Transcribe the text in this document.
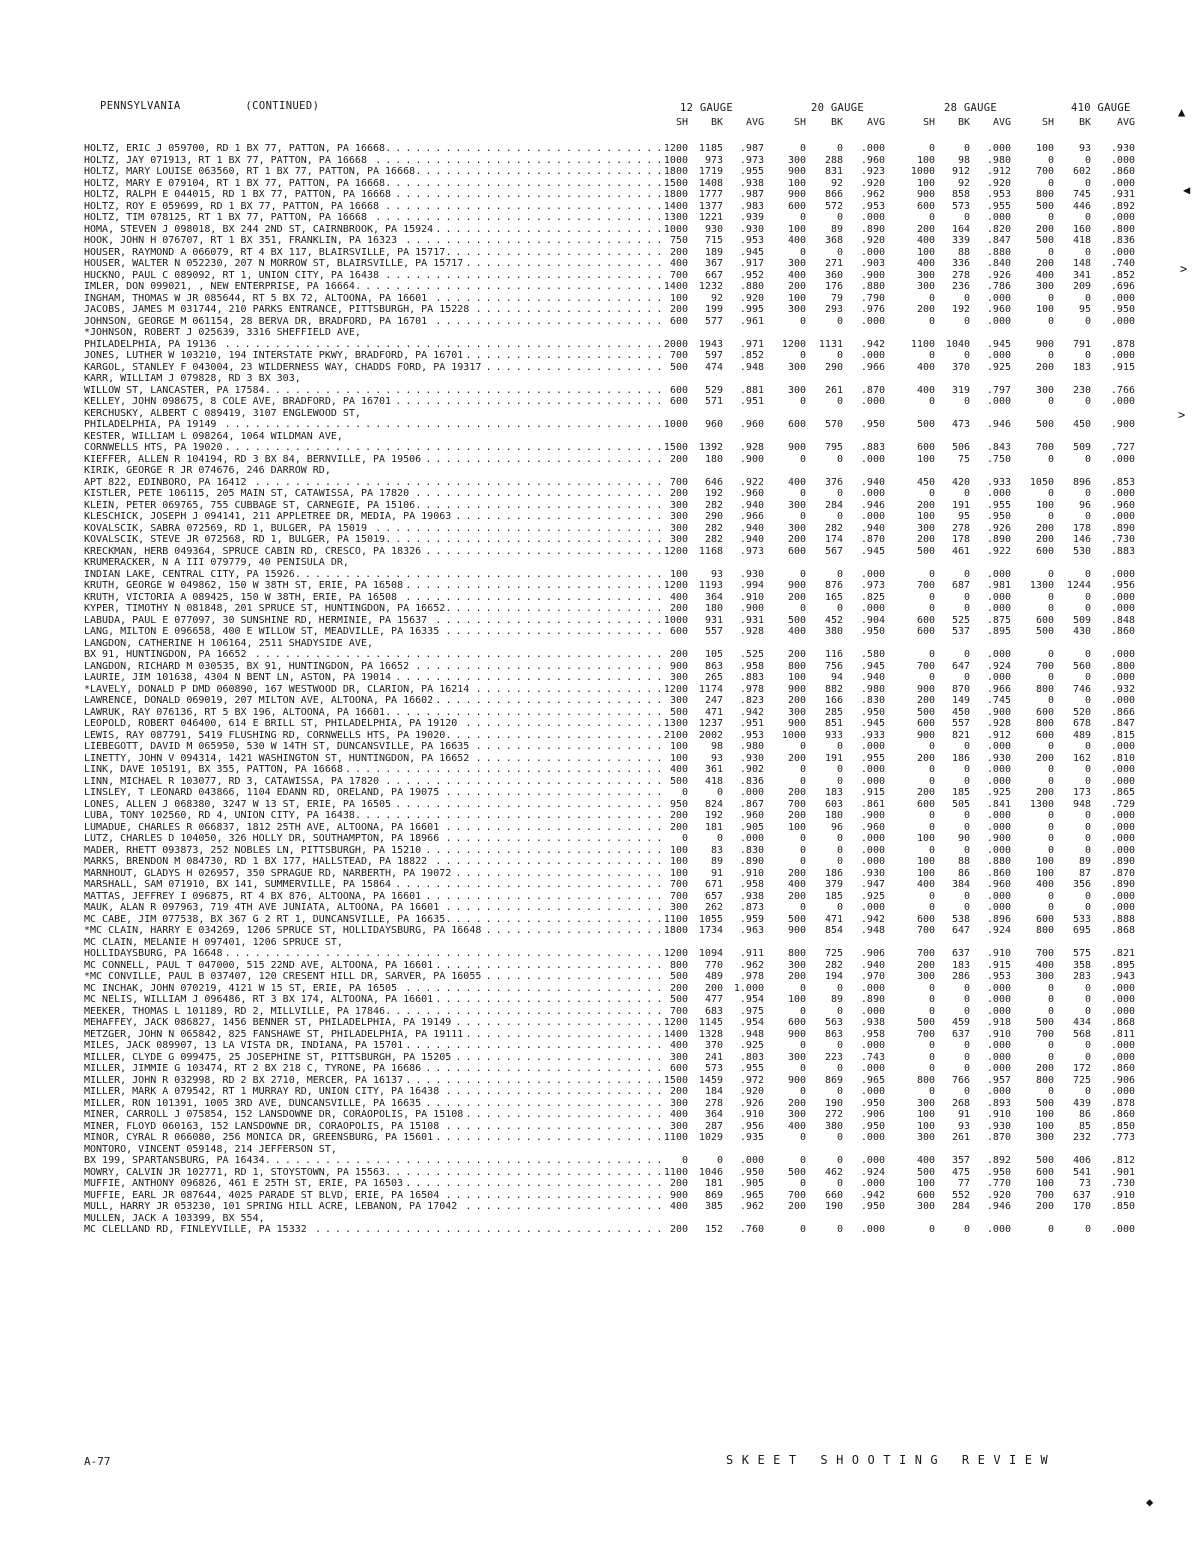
PENNSYLVANIA	(CONTINUED)	12 GAUGE	20 GAUGE	28 GAUGE	410 GAUGE
SH	BK	AVG	SH	BK	AVG	SH	BK	AVG	SH	BK	AVG
HOLTZ, ERIC J 059700, RD 1 BX 77, PATTON, PA 16668 . . .	1200	1185	.987	0	0	.000	0	0	.000	100	93	.930
HOLTZ, JAY 071913, RT 1 BX 77, PATTON, PA 16668 . . .	1000	973	.973	300	288	.960	100	98	.980	0	0	.000
HOLTZ, MARY LOUISE 063560, RT 1 BX 77, PATTON, PA 16668 . . .	1800	1719	.955	900	831	.923	1000	912	.912	700	602	.860
HOLTZ, MARY E 079104, RT 1 BX 77, PATTON, PA 16668 . . .	1500	1408	.938	100	92	.920	100	92	.920	0	0	.000
HOLTZ, RALPH E 044015, RD 1 BX 77, PATTON, PA 16668 . . .	1800	1777	.987	900	866	.962	900	858	.953	800	745	.931
HOLTZ, ROY E 059699, RD 1 BX 77, PATTON, PA 16668 . . .	1400	1377	.983	600	572	.953	600	573	.955	500	446	.892
HOLTZ, TIM 078125, RT 1 BX 77, PATTON, PA 16668 . . .	1300	1221	.939	0	0	.000	0	0	.000	0	0	.000
HOMA, STEVEN J 098018, BX 244 2ND ST, CAIRNBROOK, PA 15924 . . .	1000	930	.930	100	89	.890	200	164	.820	200	160	.800
HOOK, JOHN H 076707, RT 1 BX 351, FRANKLIN, PA 16323 . . .	750	715	.953	400	368	.920	400	339	.847	500	418	.836
HOUSER, RAYMOND A 066079, RT 4 BX 117, BLAIRSVILLE, PA 15717 . . .	200	189	.945	0	0	.000	100	88	.880	0	0	.000
HOUSER, WALTER N 052230, 207 N MORROW ST, BLAIRSVILLE, PA 15717 . . .	400	367	.917	300	271	.903	400	336	.840	200	148	.740
HUCKNO, PAUL C 089092, RT 1, UNION CITY, PA 16438 . . .	700	667	.952	400	360	.900	300	278	.926	400	341	.852
IMLER, DON 099021, , NEW ENTERPRISE, PA 16664 . . .	1400	1232	.880	200	176	.880	300	236	.786	300	209	.696
INGHAM, THOMAS W JR 085644, RT 5 BX 72, ALTOONA, PA 16601 . . .	100	92	.920	100	79	.790	0	0	.000	0	0	.000
JACOBS, JAMES M 031744, 210 PARKS ENTRANCE, PITTSBURGH, PA 15228 . . .	200	199	.995	300	293	.976	200	192	.960	100	95	.950
JOHNSON, GEORGE M 061154, 28 BERVA DR, BRADFORD, PA 16701 . . .	600	577	.961	0	0	.000	0	0	.000	0	0	.000
*JOHNSON, ROBERT J 025639, 3316 SHEFFIELD AVE,
PHILADELPHIA, PA 19136 . . .	2000	1943	.971	1200	1131	.942	1100	1040	.945	900	791	.878
JONES, LUTHER W 103210, 194 INTERSTATE PKWY, BRADFORD, PA 16701 . . .	700	597	.852	0	0	.000	0	0	.000	0	0	.000
KARGOL, STANLEY F 043004, 23 WILDERNESS WAY, CHADDS FORD, PA 19317 . . .	500	474	.948	300	290	.966	400	370	.925	200	183	.915
KARR, WILLIAM J 079828, RD 3 BX 303,
WILLOW ST, LANCASTER, PA 17584 . . .	600	529	.881	300	261	.870	400	319	.797	300	230	.766
KELLEY, JOHN 098675, 8 COLE AVE, BRADFORD, PA 16701 . . .	600	571	.951	0	0	.000	0	0	.000	0	0	.000
KERCHUSKY, ALBERT C 089419, 3107 ENGLEWOOD ST,
PHILADELPHIA, PA 19149 . . .	1000	960	.960	600	570	.950	500	473	.946	500	450	.900
KESTER, WILLIAM L 098264, 1064 WILDMAN AVE,
CORNWELLS HTS, PA 19020 . . .	1500	1392	.928	900	795	.883	600	506	.843	700	509	.727
KIEFFER, ALLEN R 104194, RD 3 BX 84, BERNVILLE, PA 19506 . . .	200	180	.900	0	0	.000	100	75	.750	0	0	.000
KIRIK, GEORGE R JR 074676, 246 DARROW RD,
APT 822, EDINBORO, PA 16412 . . .	700	646	.922	400	376	.940	450	420	.933	1050	896	.853
KISTLER, PETE 106115, 205 MAIN ST, CATAWISSA, PA 17820 . . .	200	192	.960	0	0	.000	0	0	.000	0	0	.000
KLEIN, PETER 069765, 755 CUBBAGE ST, CARNEGIE, PA 15106 . . .	300	282	.940	300	284	.946	200	191	.955	100	96	.960
KLESCHICK, JOSEPH J 094141, 211 APPLETREE DR, MEDIA, PA 19063 . . .	300	290	.966	0	0	.000	100	95	.950	0	0	.000
KOVALSCIK, SABRA 072569, RD 1, BULGER, PA 15019 . . .	300	282	.940	300	282	.940	300	278	.926	200	178	.890
KOVALSCIK, STEVE JR 072568, RD 1, BULGER, PA 15019 . . .	300	282	.940	200	174	.870	200	178	.890	200	146	.730
KRECKMAN, HERB 049364, SPRUCE CABIN RD, CRESCO, PA 18326 . . .	1200	1168	.973	600	567	.945	500	461	.922	600	530	.883
KRUMERACKER, N A III 079779, 40 PENISULA DR,
INDIAN LAKE, CENTRAL CITY, PA 15926 . . .	100	93	.930	0	0	.000	0	0	.000	0	0	.000
KRUTH, GEORGE W 049862, 150 W 38TH ST, ERIE, PA 16508 . . .	1200	1193	.994	900	876	.973	700	687	.981	1300	1244	.956
KRUTH, VICTORIA A 089425, 150 W 38TH, ERIE, PA 16508 . . .	400	364	.910	200	165	.825	0	0	.000	0	0	.000
KYPER, TIMOTHY N 081848, 201 SPRUCE ST, HUNTINGDON, PA 16652 . . .	200	180	.900	0	0	.000	0	0	.000	0	0	.000
LABUDA, PAUL E 077097, 30 SUNSHINE RD, HERMINIE, PA 15637 . . .	1000	931	.931	500	452	.904	600	525	.875	600	509	.848
LANG, MILTON E 096658, 400 E WILLOW ST, MEADVILLE, PA 16335 . . .	600	557	.928	400	380	.950	600	537	.895	500	430	.860
LANGDON, CATHERINE H 106164, 2511 SHADYSIDE AVE,
BX 91, HUNTINGDON, PA 16652 . . .	200	105	.525	200	116	.580	0	0	.000	0	0	.000
LANGDON, RICHARD M 030535, BX 91, HUNTINGDON, PA 16652 . . .	900	863	.958	800	756	.945	700	647	.924	700	560	.800
LAURIE, JIM 101638, 4304 N BENT LN, ASTON, PA 19014 . . .	300	265	.883	100	94	.940	0	0	.000	0	0	.000
*LAVELY, DONALD P DMD 060890, 167 WESTWOOD DR, CLARION, PA 16214 . . .	1200	1174	.978	900	882	.980	900	870	.966	800	746	.932
LAWRENCE, DONALD 069019, 207 MILTON AVE, ALTOONA, PA 16602 . . .	300	247	.823	200	166	.830	200	149	.745	0	0	.000
LAWRUK, RAY 076136, RT 5 BX 196, ALTOONA, PA 16601 . . .	500	471	.942	300	285	.950	500	450	.900	600	520	.866
LEOPOLD, ROBERT 046400, 614 E BRILL ST, PHILADELPHIA, PA 19120 . . .	1300	1237	.951	900	851	.945	600	557	.928	800	678	.847
LEWIS, RAY 087791, 5419 FLUSHING RD, CORNWELLS HTS, PA 19020 . . .	2100	2002	.953	1000	933	.933	900	821	.912	600	489	.815
LIEBEGOTT, DAVID M 065950, 530 W 14TH ST, DUNCANSVILLE, PA 16635 . . .	100	98	.980	0	0	.000	0	0	.000	0	0	.000
LINETTY, JOHN V 094314, 1421 WASHINGTON ST, HUNTINGDON, PA 16652 . . .	100	93	.930	200	191	.955	200	186	.930	200	162	.810
LINK, DAVE 105191, BX 355, PATTON, PA 16668 . . .	400	361	.902	0	0	.000	0	0	.000	0	0	.000
LINN, MICHAEL R 103077, RD 3, CATAWISSA, PA 17820 . . .	500	418	.836	0	0	.000	0	0	.000	0	0	.000
LINSLEY, T LEONARD 043866, 1104 EDANN RD, ORELAND, PA 19075 . . .	0	0	.000	200	183	.915	200	185	.925	200	173	.865
LONES, ALLEN J 068380, 3247 W 13 ST, ERIE, PA 16505 . . .	950	824	.867	700	603	.861	600	505	.841	1300	948	.729
LUBA, TONY 102560, RD 4, UNION CITY, PA 16438 . . .	200	192	.960	200	180	.900	0	0	.000	0	0	.000
LUMADUE, CHARLES R 066837, 1812 25TH AVE, ALTOONA, PA 16601 . . .	200	181	.905	100	96	.960	0	0	.000	0	0	.000
LUTZ, CHARLES D 104050, 326 HOLLY DR, SOUTHAMPTON, PA 18966 . . .	0	0	.000	0	0	.000	100	90	.900	0	0	.000
MADER, RHETT 093873, 252 NOBLES LN, PITTSBURGH, PA 15210 . . .	100	83	.830	0	0	.000	0	0	.000	0	0	.000
MARKS, BRENDON M 084730, RD 1 BX 177, HALLSTEAD, PA 18822 . . .	100	89	.890	0	0	.000	100	88	.880	100	89	.890
MARNHOUT, GLADYS H 026957, 350 SPRAGUE RD, NARBERTH, PA 19072 . . .	100	91	.910	200	186	.930	100	86	.860	100	87	.870
MARSHALL, SAM 071910, BX 141, SUMMERVILLE, PA 15864 . . .	700	671	.958	400	379	.947	400	384	.960	400	356	.890
MATTAS, JEFFREY I 096875, RT 4 BX 876, ALTOONA, PA 16601 . . .	700	657	.938	200	185	.925	0	0	.000	0	0	.000
MAUK, ALAN R 097963, 719 4TH AVE JUNIATA, ALTOONA, PA 16601 . . .	300	262	.873	0	0	.000	0	0	.000	0	0	.000
MC CABE, JIM 077538, BX 367 G 2 RT 1, DUNCANSVILLE, PA 16635 . . .	1100	1055	.959	500	471	.942	600	538	.896	600	533	.888
*MC CLAIN, HARRY E 034269, 1206 SPRUCE ST, HOLLIDAYSBURG, PA 16648 . . .	1800	1734	.963	900	854	.948	700	647	.924	800	695	.868
MC CLAIN, MELANIE H 097401, 1206 SPRUCE ST,
HOLLIDAYSBURG, PA 16648 . . .	1200	1094	.911	800	725	.906	700	637	.910	700	575	.821
MC CONNELL, PAUL T 047000, 515 22ND AVE, ALTOONA, PA 16601 . . .	800	770	.962	300	282	.940	200	183	.915	400	358	.895
*MC CONVILLE, PAUL B 037407, 120 CRESENT HILL DR, SARVER, PA 16055 . . .	500	489	.978	200	194	.970	300	286	.953	300	283	.943
MC INCHAK, JOHN 070219, 4121 W 15 ST, ERIE, PA 16505 . . .	200	200	1.000	0	0	.000	0	0	.000	0	0	.000
MC NELIS, WILLIAM J 096486, RT 3 BX 174, ALTOONA, PA 16601 . . .	500	477	.954	100	89	.890	0	0	.000	0	0	.000
MEEKER, THOMAS L 101189, RD 2, MILLVILLE, PA 17846 . . .	700	683	.975	0	0	.000	0	0	.000	0	0	.000
MEHAFFEY, JACK 086827, 1456 BENNER ST, PHILADELPHIA, PA 19149 . . .	1200	1145	.954	600	563	.938	500	459	.918	500	434	.868
METZGER, JOHN N 065842, 825 FANSHAWE ST, PHILADELPHIA, PA 19111 . . .	1400	1328	.948	900	863	.958	700	637	.910	700	568	.811
MILES, JACK 089907, 13 LA VISTA DR, INDIANA, PA 15701 . . .	400	370	.925	0	0	.000	0	0	.000	0	0	.000
MILLER, CLYDE G 099475, 25 JOSEPHINE ST, PITTSBURGH, PA 15205 . . .	300	241	.803	300	223	.743	0	0	.000	0	0	.000
MILLER, JIMMIE G 103474, RT 2 BX 218 C, TYRONE, PA 16686 . . .	600	573	.955	0	0	.000	0	0	.000	200	172	.860
MILLER, JOHN R 032998, RD 2 BX 2710, MERCER, PA 16137 . . .	1500	1459	.972	900	869	.965	800	766	.957	800	725	.906
MILLER, MARK A 079542, RT 1 MURRAY RD, UNION CITY, PA 16438 . . .	200	184	.920	0	0	.000	0	0	.000	0	0	.000
MILLER, RON 101391, 1005 3RD AVE, DUNCANSVILLE, PA 16635 . . .	300	278	.926	200	190	.950	300	268	.893	500	439	.878
MINER, CARROLL J 075854, 152 LANSDOWNE DR, CORAOPOLIS, PA 15108 . . .	400	364	.910	300	272	.906	100	91	.910	100	86	.860
MINER, FLOYD 060163, 152 LANSDOWNE DR, CORAOPOLIS, PA 15108 . . .	300	287	.956	400	380	.950	100	93	.930	100	85	.850
MINOR, CYRAL R 066080, 256 MONICA DR, GREENSBURG, PA 15601 . . .	1100	1029	.935	0	0	.000	300	261	.870	300	232	.773
MONTORO, VINCENT 059148, 214 JEFFERSON ST,
BX 199, SPARTANSBURG, PA 16434 . . .	0	0	.000	0	0	.000	400	357	.892	500	406	.812
MOWRY, CALVIN JR 102771, RD 1, STOYSTOWN, PA 15563 . . .	1100	1046	.950	500	462	.924	500	475	.950	600	541	.901
MUFFIE, ANTHONY 096826, 461 E 25TH ST, ERIE, PA 16503 . . .	200	181	.905	0	0	.000	100	77	.770	100	73	.730
MUFFIE, EARL JR 087644, 4025 PARADE ST BLVD, ERIE, PA 16504 . . .	900	869	.965	700	660	.942	600	552	.920	700	637	.910
MULL, HARRY JR 053230, 101 SPRING HILL ACRE, LEBANON, PA 17042 . . .	400	385	.962	200	190	.950	300	284	.946	200	170	.850
MULLEN, JACK A 103399, BX 554,
MC CLELLAND RD, FINLEYVILLE, PA 15332 . . .	200	152	.760	0	0	.000	0	0	.000	0	0	.000
A-77	SKEET SHOOTING REVIEW
▲
◀
>
>
◆
